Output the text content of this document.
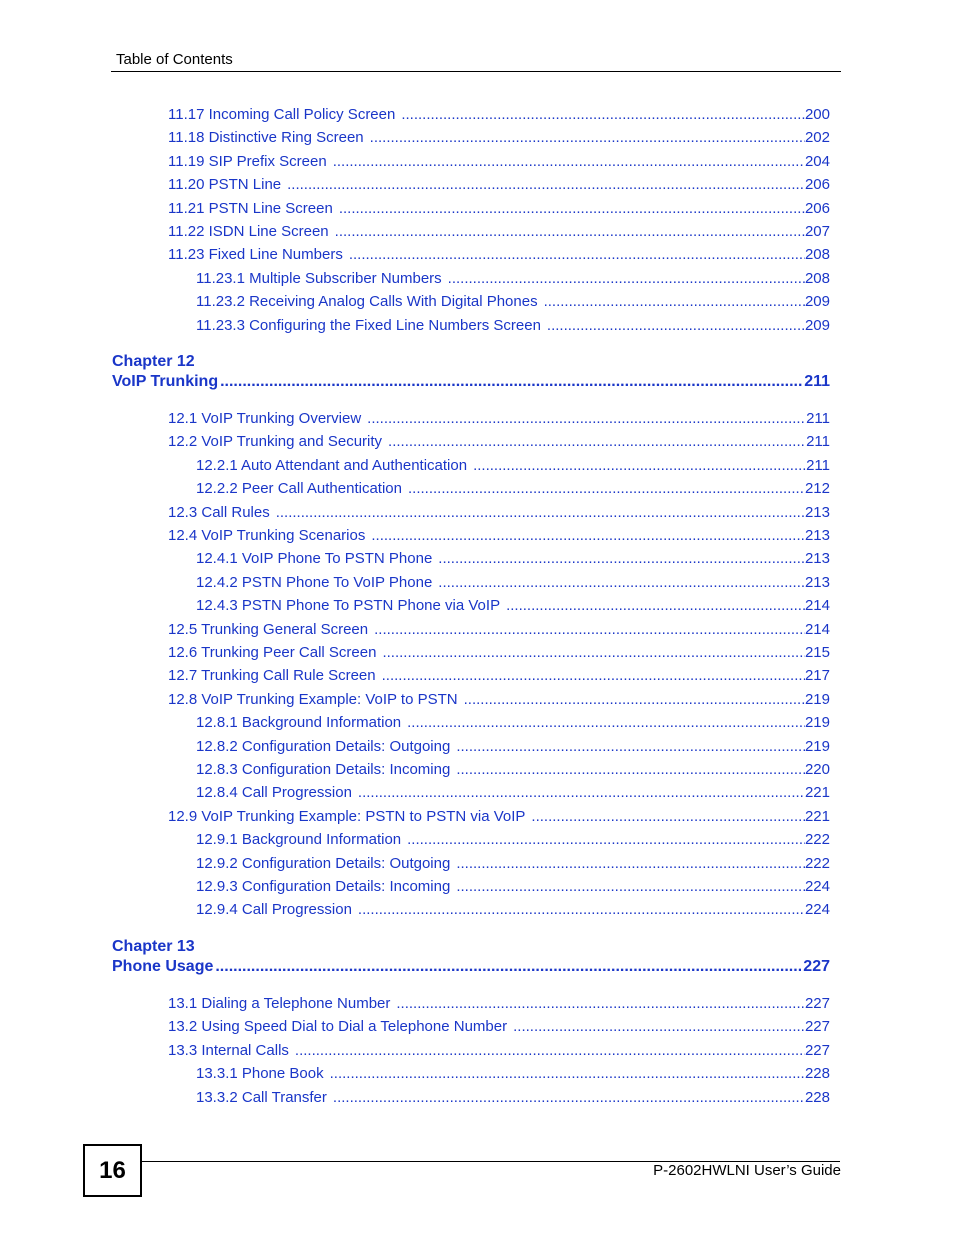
Table of Contents
11.17 Incoming Call Policy Screen .....	200
11.18 Distinctive Ring Screen .....	202
11.19 SIP Prefix Screen .....	204
11.20 PSTN Line .....	206
11.21 PSTN Line Screen .....	206
11.22 ISDN Line Screen .....	207
11.23 Fixed Line Numbers .....	208
11.23.1 Multiple Subscriber Numbers .....	208
11.23.2 Receiving Analog Calls With Digital Phones .....	209
11.23.3 Configuring the Fixed Line Numbers Screen .....	209
Chapter 12
VoIP Trunking .....	211
12.1 VoIP Trunking Overview .....	211
12.2 VoIP Trunking and Security .....	211
12.2.1 Auto Attendant and Authentication .....	211
12.2.2 Peer Call Authentication .....	212
12.3 Call Rules .....	213
12.4 VoIP Trunking Scenarios .....	213
12.4.1 VoIP Phone To PSTN Phone .....	213
12.4.2 PSTN Phone To VoIP Phone .....	213
12.4.3 PSTN Phone To PSTN Phone via VoIP .....	214
12.5 Trunking General Screen .....	214
12.6 Trunking Peer Call Screen .....	215
12.7 Trunking Call Rule Screen .....	217
12.8 VoIP Trunking Example: VoIP to PSTN .....	219
12.8.1 Background Information .....	219
12.8.2 Configuration Details: Outgoing .....	219
12.8.3 Configuration Details: Incoming .....	220
12.8.4 Call Progression .....	221
12.9 VoIP Trunking Example: PSTN to PSTN via VoIP .....	221
12.9.1 Background Information .....	222
12.9.2 Configuration Details: Outgoing .....	222
12.9.3 Configuration Details: Incoming .....	224
12.9.4 Call Progression .....	224
Chapter 13
Phone Usage .....	227
13.1 Dialing a Telephone Number .....	227
13.2 Using Speed Dial to Dial a Telephone Number .....	227
13.3 Internal Calls .....	227
13.3.1 Phone Book .....	228
13.3.2 Call Transfer .....	228
16	P-2602HWLNI User’s Guide
